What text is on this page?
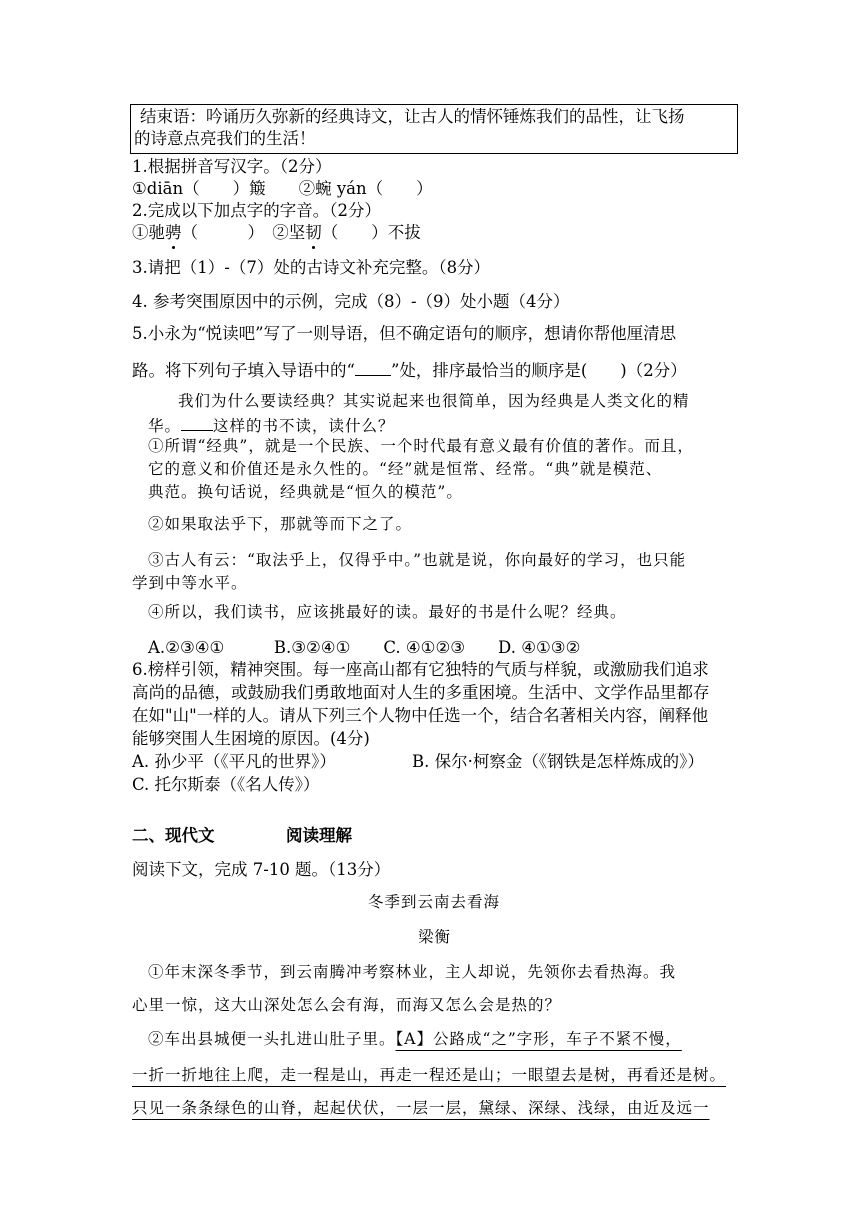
结束语：吟诵历久弥新的经典诗文，让古人的情怀锤炼我们的品性，让飞扬
的诗意点亮我们的生活！
1.根据拼音写汉字。（2分）
①diān（　　）簸　　②蜿 yán（　　）
2.完成以下加点字的字音。（2分）
①驰骋（　　　）　 ②坚韧（　　）不拔
3.请把（1）-（7）处的古诗文补充完整。（8分）
4. 参考突围原因中的示例，完成（8）-（9）处小题（4分）
5.小永为“悦读吧”写了一则导语，但不确定语句的顺序，想请你帮他厘清思
路。将下列句子填入导语中的“ ”处，排序最恰当的顺序是(　　)（2分）
我们为什么要读经典？其实说起来也很简单，因为经典是人类文化的精
华。 这样的书不读，读什么？
①所谓“经典”，就是一个民族、一个时代最有意义最有价值的著作。而且，
它的意义和价值还是永久性的。“经”就是恒常、经常。“典”就是模范、
典范。换句话说，经典就是“恒久的模范”。
②如果取法乎下，那就等而下之了。
③古人有云：“取法乎上，仅得乎中。”也就是说，你向最好的学习，也只能
学到中等水平。
④所以，我们读书，应该挑最好的读。最好的书是什么呢？经典。
A.②③④①　　　B.③②④①　　C. ④①②③　　D. ④①③②
6.榜样引领，精神突围。每一座高山都有它独特的气质与样貌，或激励我们追求
高尚的品德，或鼓励我们勇敢地面对人生的多重困境。生活中、文学作品里都存
在如"山"一样的人。请从下列三个人物中任选一个，结合名著相关内容，阐释他
能够突围人生困境的原因。(4分)
A. 孙少平（《平凡的世界》）	B. 保尔·柯察金（《钢铁是怎样炼成的》）
C. 托尔斯泰（《名人传》）
二、现代文	阅读理解
阅读下文，完成 7-10 题。（13分）
冬季到云南去看海
梁衡
①年末深冬季节，到云南腾冲考察林业，主人却说，先领你去看热海。我
心里一惊，这大山深处怎么会有海，而海又怎么会是热的？
②车出县城便一头扎进山肚子里。【A】公路成“之”字形，车子不紧不慢，
一折一折地往上爬，走一程是山，再走一程还是山；一眼望去是树，再看还是树。
只见一条条绿色的山脊，起起伏伏，一层一层，黛绿、深绿、浅绿，由近及远一
